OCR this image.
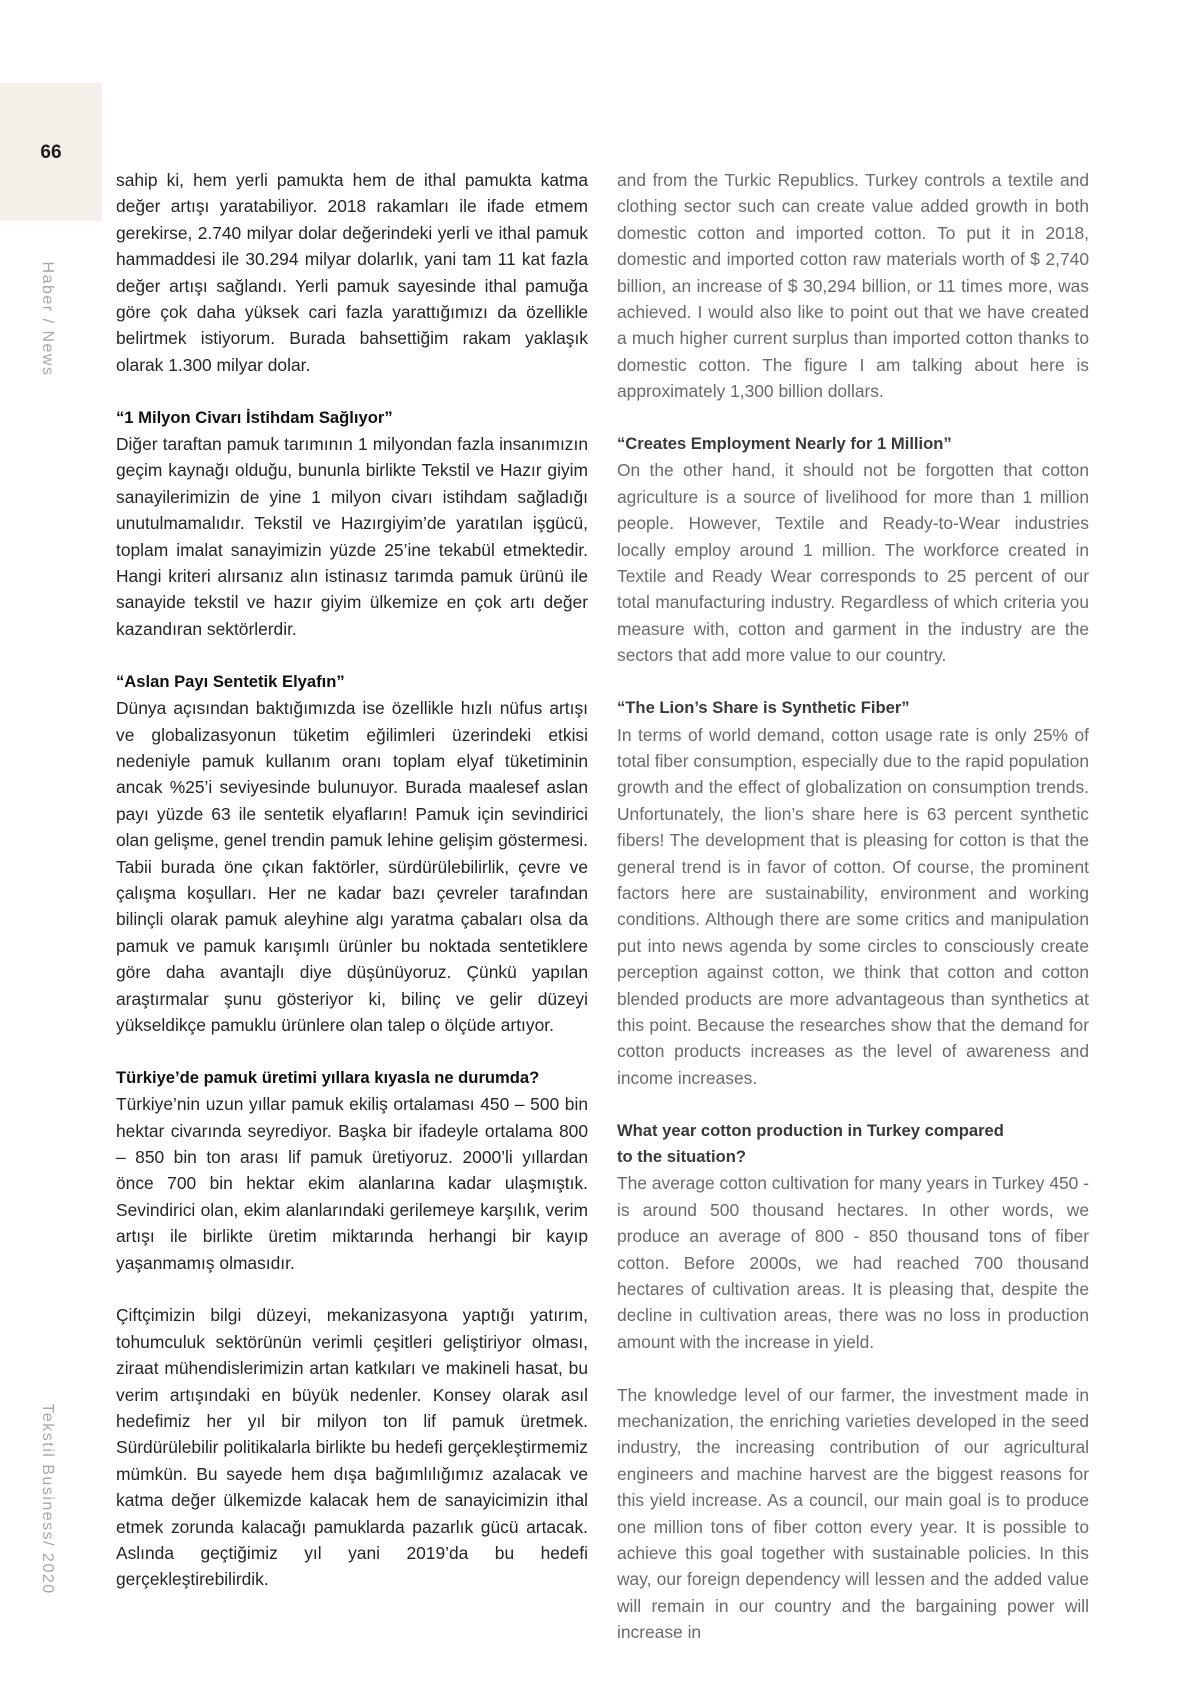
66
Haber / News
Tekstil Business/ 2020

sahip ki, hem yerli pamukta hem de ithal pamukta katma değer artışı yaratabiliyor. 2018 rakamları ile ifade etmem gerekirse, 2.740 milyar dolar değerindeki yerli ve ithal pamuk hammaddesi ile 30.294 milyar dolarlık, yani tam 11 kat fazla değer artışı sağlandı. Yerli pamuk sayesinde ithal pamuğa göre çok daha yüksek cari fazla yarattığımızı da özellikle belirtmek istiyorum. Burada bahsettiğim rakam yaklaşık olarak 1.300 milyar dolar.

“1 Milyon Civarı İstihdam Sağlıyor”

Diğer taraftan pamuk tarımının 1 milyondan fazla insanımızın geçim kaynağı olduğu, bununla birlikte Tekstil ve Hazır giyim sanayilerimizin de yine 1 milyon civarı istihdam sağladığı unutulmamalıdır. Tekstil ve Hazırgiyim’de yaratılan işgücü, toplam imalat sanayimizin yüzde 25’ine tekabül etmektedir. Hangi kriteri alırsanız alın istinasız tarımda pamuk ürünü ile sanayide tekstil ve hazır giyim ülkemize en çok artı değer kazandıran sektörlerdir.

“Aslan Payı Sentetik Elyafın”

Dünya açısından baktığımızda ise özellikle hızlı nüfus artışı ve globalizasyonun tüketim eğilimleri üzerindeki etkisi nedeniyle pamuk kullanım oranı toplam elyaf tüketiminin ancak %25’i seviyesinde bulunuyor. Burada maalesef aslan payı yüzde 63 ile sentetik elyafların! Pamuk için sevindirici olan gelişme, genel trendin pamuk lehine gelişim göstermesi. Tabii burada öne çıkan faktörler, sürdürülebilirlik, çevre ve çalışma koşulları. Her ne kadar bazı çevreler tarafından bilinçli olarak pamuk aleyhine algı yaratma çabaları olsa da pamuk ve pamuk karışımlı ürünler bu noktada sentetiklere göre daha avantajlı diye düşünüyoruz. Çünkü yapılan araştırmalar şunu gösteriyor ki, bilinç ve gelir düzeyi yükseldikçe pamuklu ürünlere olan talep o ölçüde artıyor.

Türkiye’de pamuk üretimi yıllara kıyasla ne durumda?

Türkiye’nin uzun yıllar pamuk ekiliş ortalaması 450 – 500 bin hektar civarında seyrediyor. Başka bir ifadeyle ortalama 800 – 850 bin ton arası lif pamuk üretiyoruz. 2000’li yıllardan önce 700 bin hektar ekim alanlarına kadar ulaşmıştık. Sevindirici olan, ekim alanlarındaki gerilemeye karşılık, verim artışı ile birlikte üretim miktarında herhangi bir kayıp yaşanmamış olmasıdır.

Çiftçimizin bilgi düzeyi, mekanizasyona yaptığı yatırım, tohumculuk sektörünün verimli çeşitleri geliştiriyor olması, ziraat mühendislerimizin artan katkıları ve makineli hasat, bu verim artışındaki en büyük nedenler. Konsey olarak asıl hedefimiz her yıl bir milyon ton lif pamuk üretmek. Sürdürülebilir politikalarla birlikte bu hedefi gerçekleştirmemiz mümkün. Bu sayede hem dışa bağımlılığımız azalacak ve katma değer ülkemizde kalacak hem de sanayicimizin ithal etmek zorunda kalacağı pamuklarda pazarlık gücü artacak. Aslında geçtiğimiz yıl yani 2019’da bu hedefi gerçekleştirebilirdik.

and from the Turkic Republics. Turkey controls a textile and clothing sector such can create value added growth in both domestic cotton and imported cotton. To put it in 2018, domestic and imported cotton raw materials worth of $ 2,740 billion, an increase of $ 30,294 billion, or 11 times more, was achieved. I would also like to point out that we have created a much higher current surplus than imported cotton thanks to domestic cotton. The figure I am talking about here is approximately 1,300 billion dollars.

“Creates Employment Nearly for 1 Million”

On the other hand, it should not be forgotten that cotton agriculture is a source of livelihood for more than 1 million people. However, Textile and Ready-to-Wear industries locally employ around 1 million. The workforce created in Textile and Ready Wear corresponds to 25 percent of our total manufacturing industry. Regardless of which criteria you measure with, cotton and garment in the industry are the sectors that add more value to our country.

“The Lion’s Share is Synthetic Fiber”

In terms of world demand, cotton usage rate is only 25% of total fiber consumption, especially due to the rapid population growth and the effect of globalization on consumption trends. Unfortunately, the lion’s share here is 63 percent synthetic fibers! The development that is pleasing for cotton is that the general trend is in favor of cotton. Of course, the prominent factors here are sustainability, environment and working conditions. Although there are some critics and manipulation put into news agenda by some circles to consciously create perception against cotton, we think that cotton and cotton blended products are more advantageous than synthetics at this point. Because the researches show that the demand for cotton products increases as the level of awareness and income increases.

What year cotton production in Turkey compared

to the situation?

The average cotton cultivation for many years in Turkey 450 - is around 500 thousand hectares. In other words, we produce an average of 800 - 850 thousand tons of fiber cotton. Before 2000s, we had reached 700 thousand hectares of cultivation areas. It is pleasing that, despite the decline in cultivation areas, there was no loss in production amount with the increase in yield.

The knowledge level of our farmer, the investment made in mechanization, the enriching varieties developed in the seed industry, the increasing contribution of our agricultural engineers and machine harvest are the biggest reasons for this yield increase. As a council, our main goal is to produce one million tons of fiber cotton every year. It is possible to achieve this goal together with sustainable policies. In this way, our foreign dependency will lessen and the added value will remain in our country and the bargaining power will increase in
